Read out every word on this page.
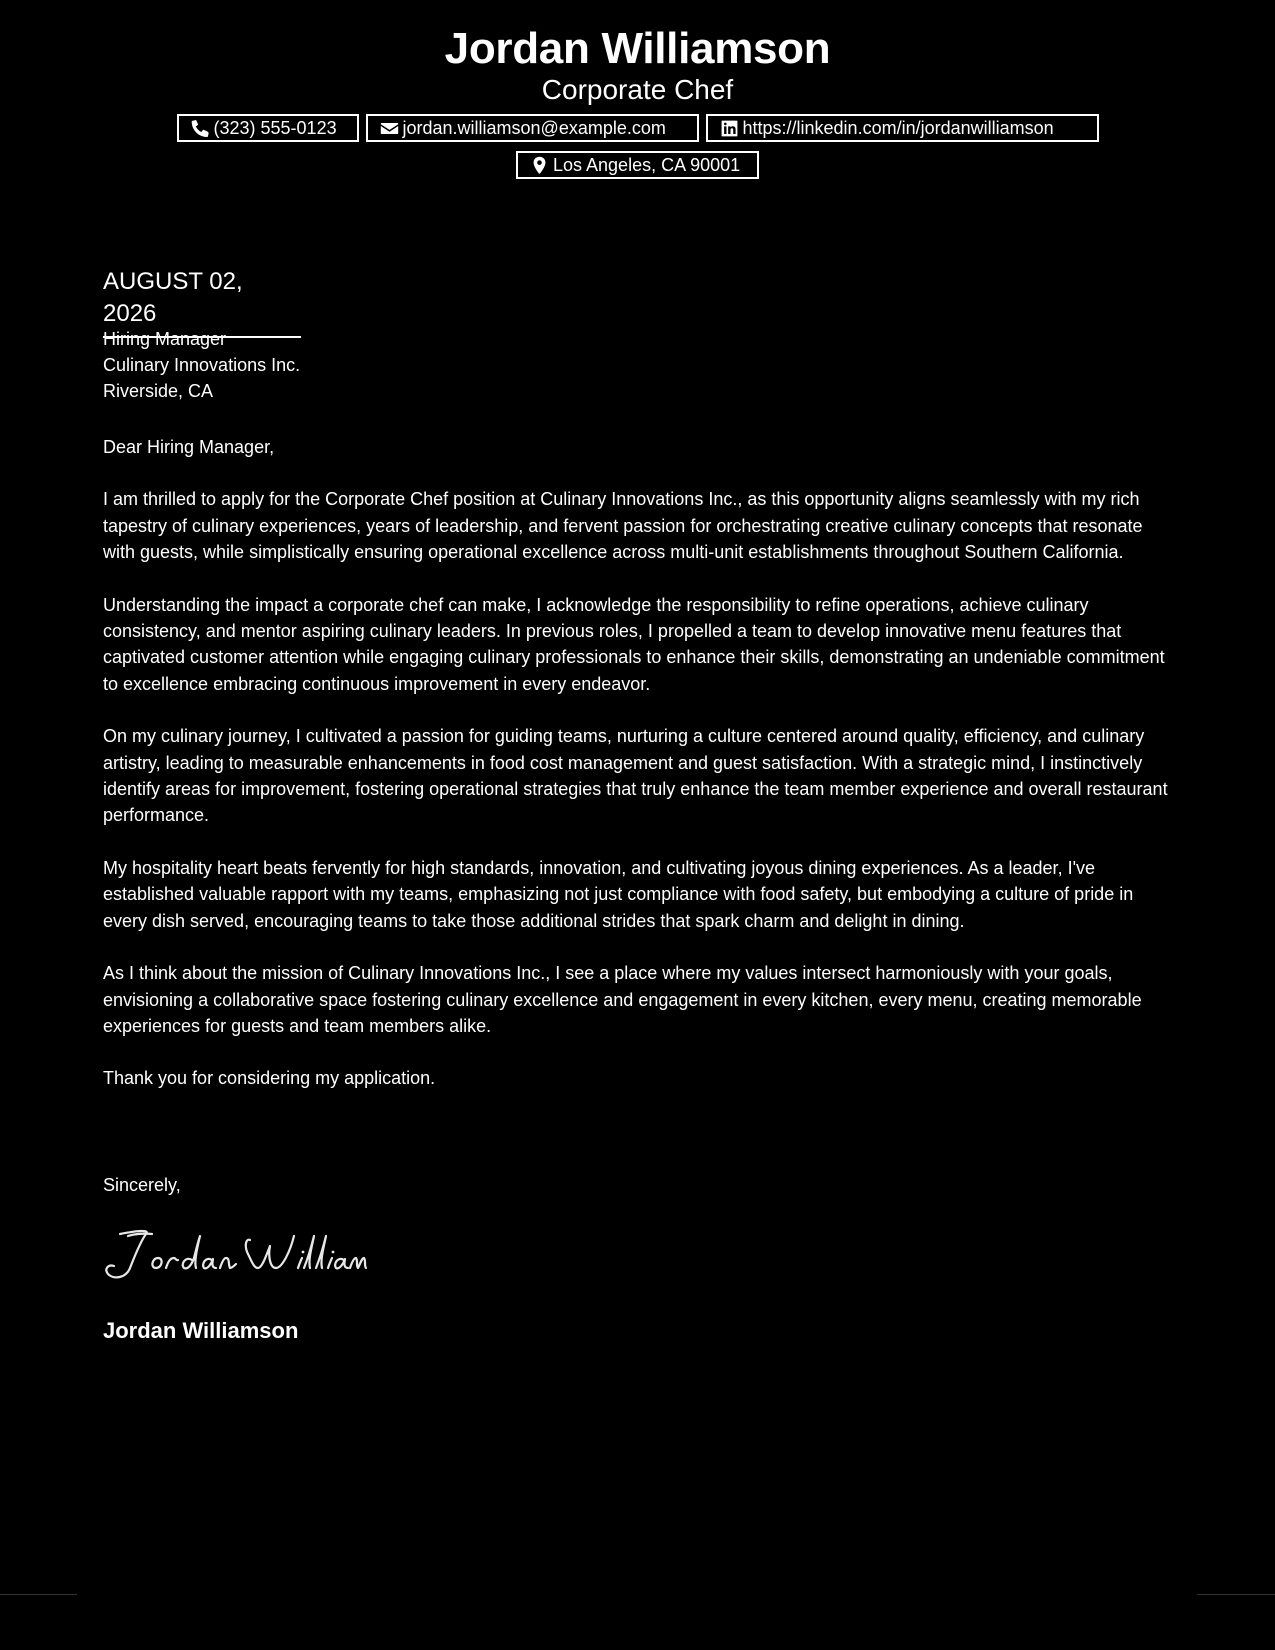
Jordan Williamson
Corporate Chef
(323) 555-0123	jordan.williamson@example.com	https://linkedin.com/in/jordanwilliamson
Los Angeles, CA 90001
AUGUST 02, 2026
Hiring Manager
Culinary Innovations Inc.
Riverside, CA
Dear Hiring Manager,

I am thrilled to apply for the Corporate Chef position at Culinary Innovations Inc., as this opportunity aligns seamlessly with my rich tapestry of culinary experiences, years of leadership, and fervent passion for orchestrating creative culinary concepts that resonate with guests, while simplistically ensuring operational excellence across multi-unit establishments throughout Southern California.

Understanding the impact a corporate chef can make, I acknowledge the responsibility to refine operations, achieve culinary consistency, and mentor aspiring culinary leaders. In previous roles, I propelled a team to develop innovative menu features that captivated customer attention while engaging culinary professionals to enhance their skills, demonstrating an undeniable commitment to excellence embracing continuous improvement in every endeavor.

On my culinary journey, I cultivated a passion for guiding teams, nurturing a culture centered around quality, efficiency, and culinary artistry, leading to measurable enhancements in food cost management and guest satisfaction. With a strategic mind, I instinctively identify areas for improvement, fostering operational strategies that truly enhance the team member experience and overall restaurant performance.

My hospitality heart beats fervently for high standards, innovation, and cultivating joyous dining experiences. As a leader, I've established valuable rapport with my teams, emphasizing not just compliance with food safety, but embodying a culture of pride in every dish served, encouraging teams to take those additional strides that spark charm and delight in dining.

As I think about the mission of Culinary Innovations Inc., I see a place where my values intersect harmoniously with your goals, envisioning a collaborative space fostering culinary excellence and engagement in every kitchen, every menu, creating memorable experiences for guests and team members alike.

Thank you for considering my application.

Sincerely,
Jordan Williamson
